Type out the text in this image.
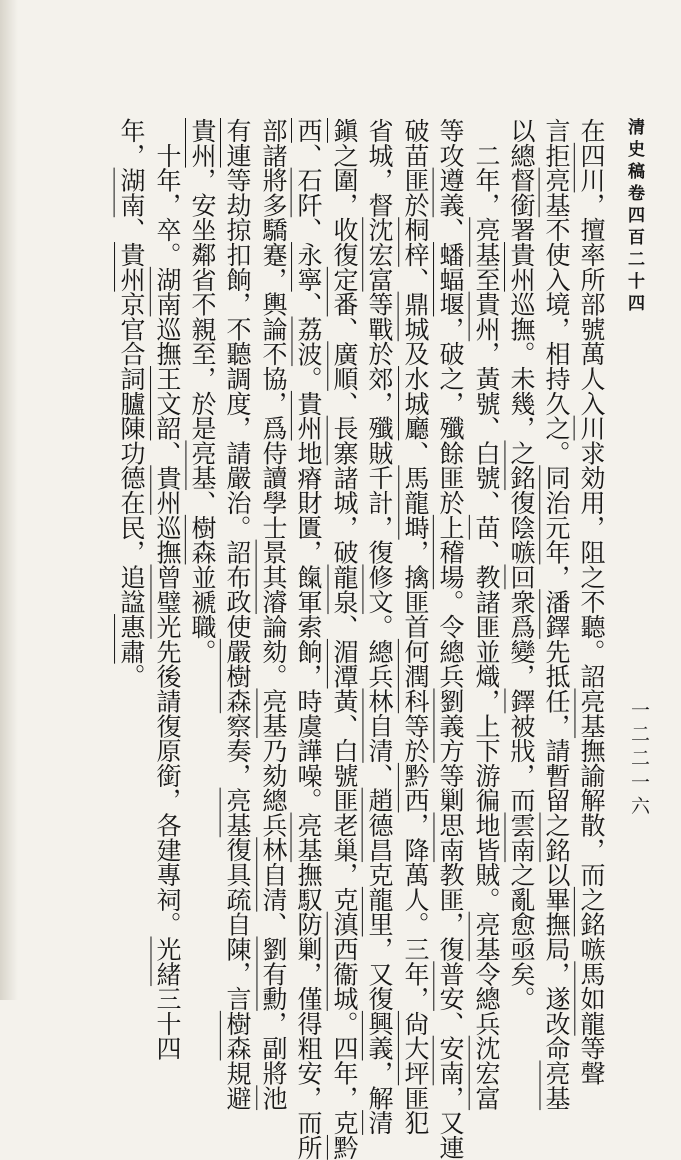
清史稿卷四百二十四
一二二一六
在四川，擅率所部號萬人入川求効用，阻之不聽。詔亮基撫諭解散，而之銘嗾馬如龍等聲
言拒亮基不使入境，相持久之。同治元年，潘鐸先抵任，請暫留之銘以畢撫局，遂改命亮基
以總督銜署貴州巡撫。未幾，之銘復陰嗾回衆爲變，鐸被戕，而雲南之亂愈亟矣。
　二年，亮基至貴州，黃號、白號、苗、教諸匪並熾，上下游徧地皆賊。亮基令總兵沈宏富
等攻遵義、蟠蝠堰，破之，殲餘匪於上稽場。令總兵劉義方等剿思南教匪，復普安、安南，又連
破苗匪於桐梓、鼎城及水城廳、馬龍塒，擒匪首何潤科等於黔西，降萬人。三年，尙大坪匪犯
省城，督沈宏富等戰於郊，殲賊千計，復修文。總兵林自清、趙德昌克龍里，又復興義，解清
鎭之圍，收復定番、廣順、長寨諸城，破龍泉、湄潭黃、白號匪老巢，克滇西衞城。四年，克黔
西、石阡、永寧、荔波。貴州地瘠財匱，餼軍索餉，時虞譁噪。亮基撫馭防剿，僅得粗安，而所
部諸將多驕蹇，輿論不協，爲侍讀學士景其濬論劾。亮基乃劾總兵林自清、劉有勳，副將池
有連等劫掠扣餉，不聽調度，請嚴治。詔布政使嚴樹森察奏，亮基復具疏自陳，言樹森規避
貴州，安坐鄰省不親至，於是亮基、樹森並褫職。
　十年，卒。湖南巡撫王文韶、貴州巡撫曾璧光先後請復原銜，各建專祠。光緒三十四
年，湖南、貴州京官合詞臚陳功德在民，追諡惠肅。
